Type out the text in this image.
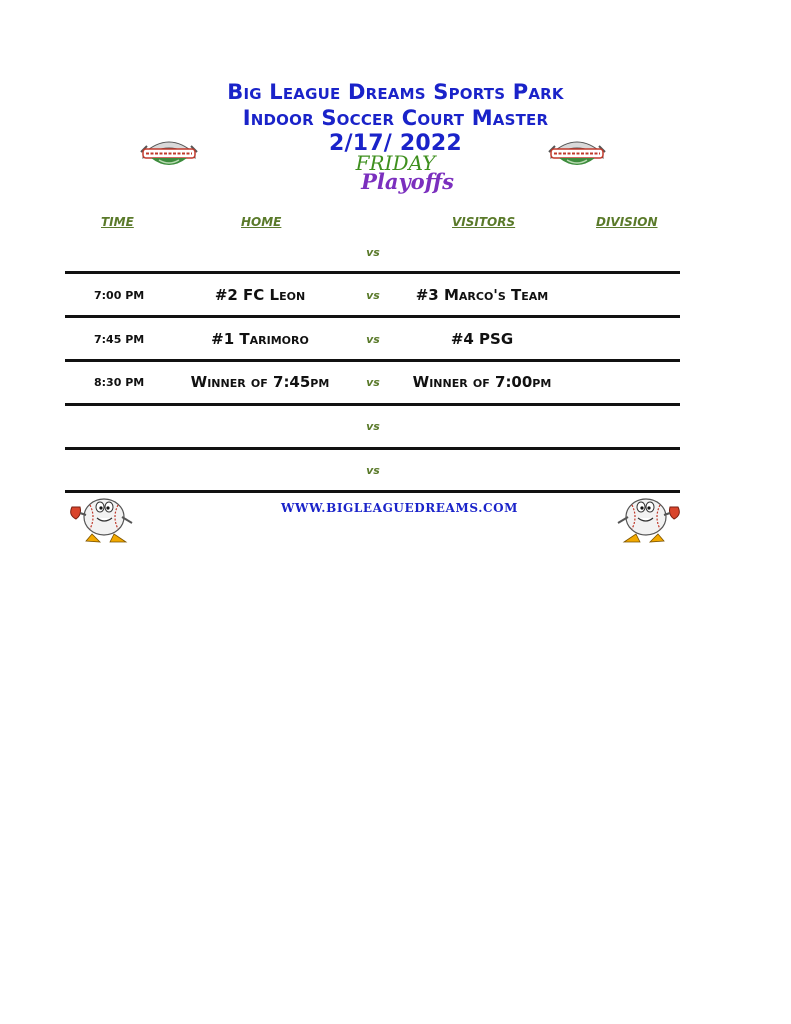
Big League Dreams Sports Park
Indoor Soccer Court Master
2/17/ 2022
FRIDAY
Playoffs
TIME	HOME	VISITORS	DIVISION
vs
7:00 PM	#2 FC Leon	vs	#3 Marco's Team
7:45 PM	#1 Tarimoro	vs	#4 PSG
8:30 PM	Winner of 7:45pm	vs	Winner of 7:00pm
vs
vs
WWW.BIGLEAGUEDREAMS.COM
